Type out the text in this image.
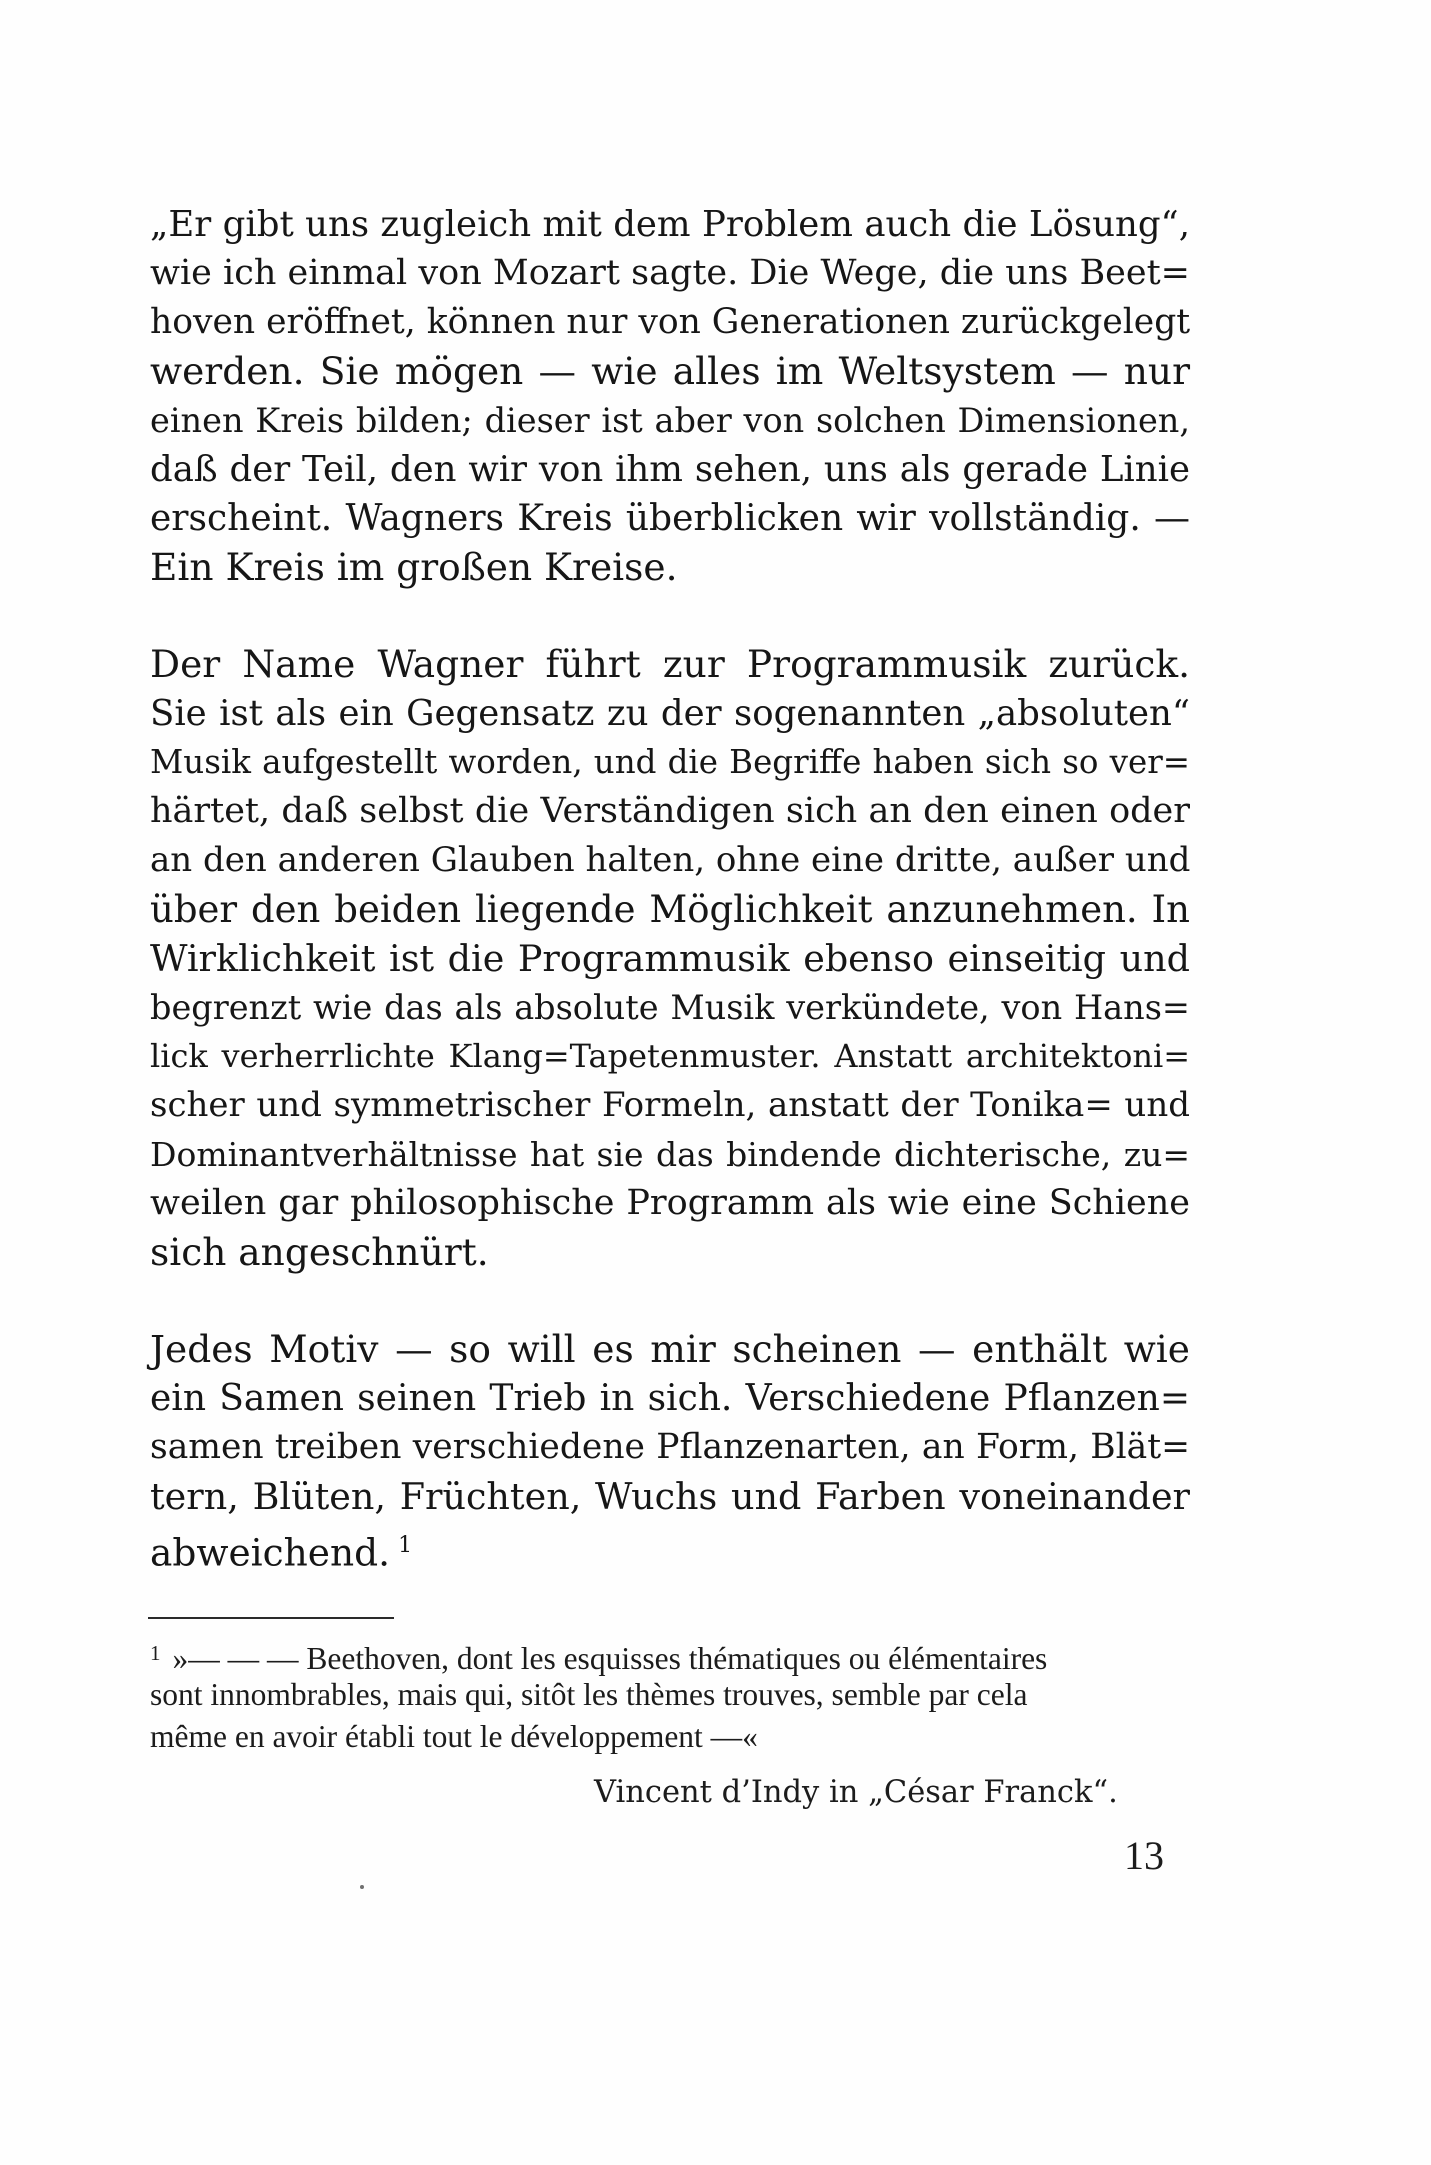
„Er gibt uns zugleich mit dem Problem auch die Lösung“,
wie ich einmal von Mozart sagte. Die Wege, die uns Beet=
hoven eröffnet, können nur von Generationen zurückgelegt
werden. Sie mögen — wie alles im Weltsystem — nur
einen Kreis bilden; dieser ist aber von solchen Dimensionen,
daß der Teil, den wir von ihm sehen, uns als gerade Linie
erscheint. Wagners Kreis überblicken wir vollständig. —
Ein Kreis im großen Kreise.
Der Name Wagner führt zur Programmusik zurück.
Sie ist als ein Gegensatz zu der sogenannten „absoluten“
Musik aufgestellt worden, und die Begriffe haben sich so ver=
härtet, daß selbst die Verständigen sich an den einen oder
an den anderen Glauben halten, ohne eine dritte, außer und
über den beiden liegende Möglichkeit anzunehmen. In
Wirklichkeit ist die Programmusik ebenso einseitig und
begrenzt wie das als absolute Musik verkündete, von Hans=
lick verherrlichte Klang=Tapetenmuster. Anstatt architektoni=
scher und symmetrischer Formeln, anstatt der Tonika= und
Dominantverhältnisse hat sie das bindende dichterische, zu=
weilen gar philosophische Programm als wie eine Schiene
sich angeschnürt.
Jedes Motiv — so will es mir scheinen — enthält wie
ein Samen seinen Trieb in sich. Verschiedene Pflanzen=
samen treiben verschiedene Pflanzenarten, an Form, Blät=
tern, Blüten, Früchten, Wuchs und Farben voneinander
abweichend. $^1$
$^1$ »— — — Beethoven, dont les esquisses thématiques ou élémentaires
sont innombrables, mais qui, sitôt les thèmes trouves, semble par cela
même en avoir établi tout le développement —«
Vincent d’Indy in „César Franck“.
13
